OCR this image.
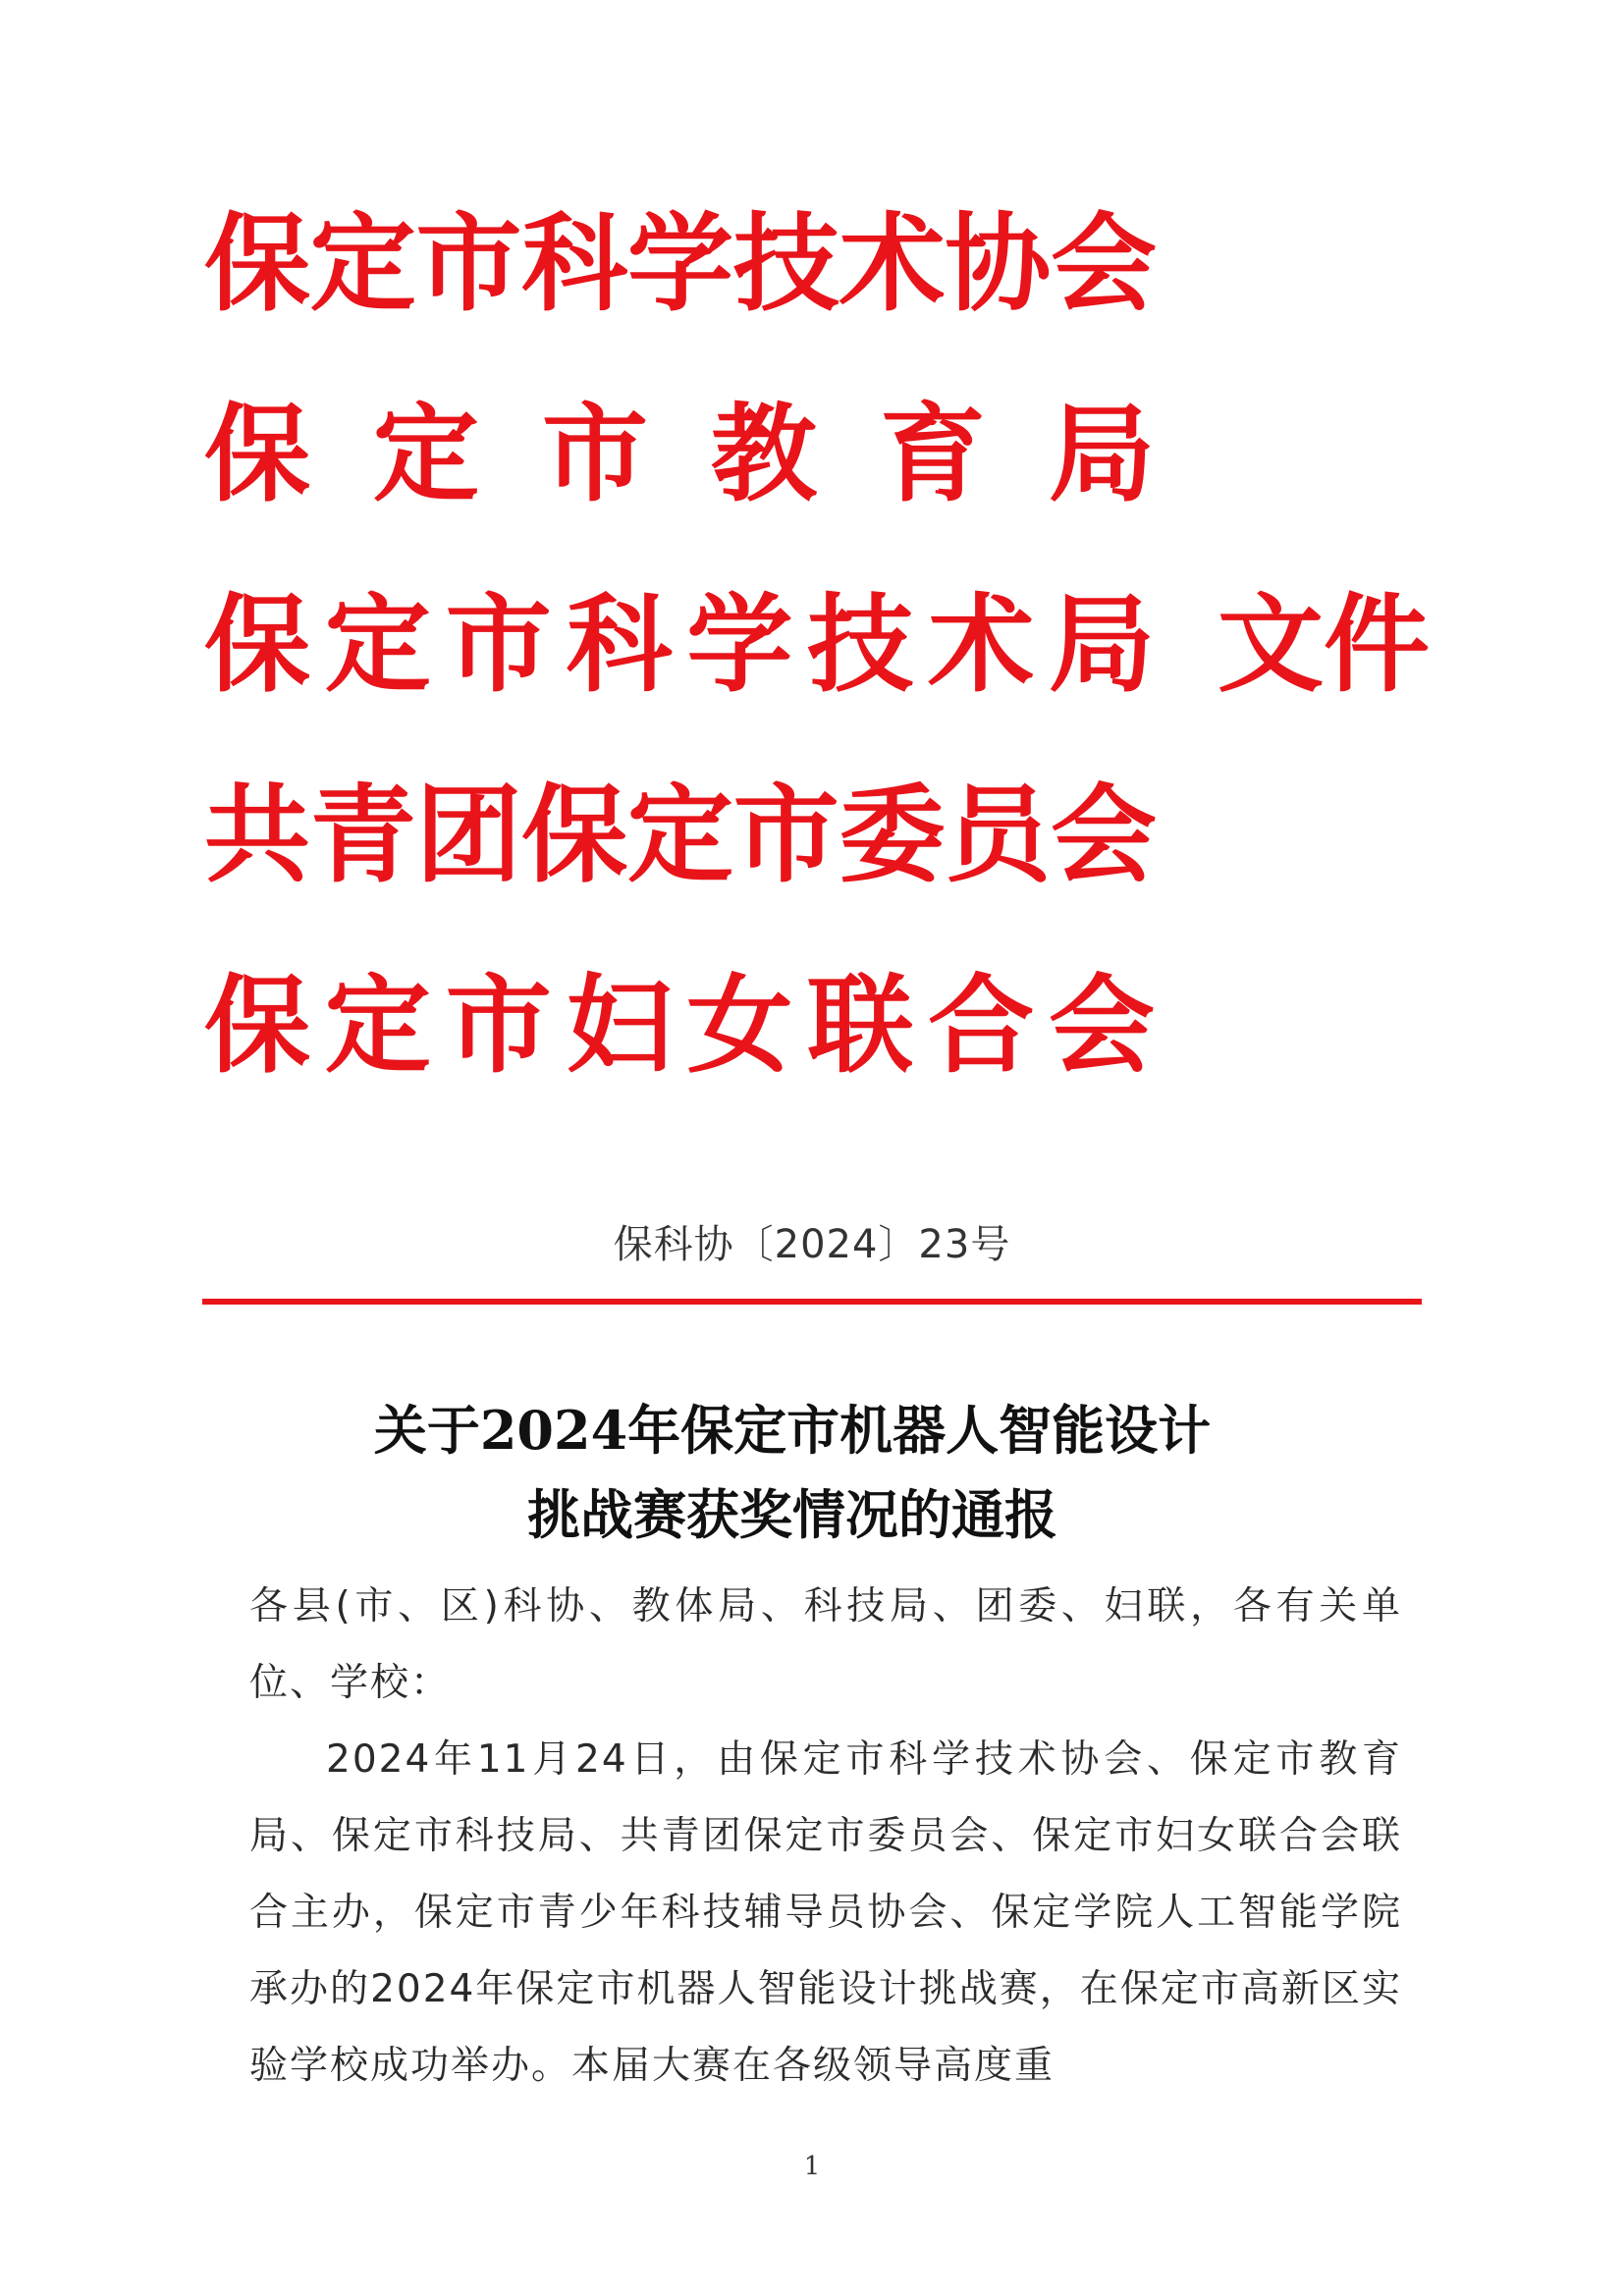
保定市科学技术协会
保 定 市 教 育 局
保定市科学技术局 文件
共青团保定市委员会
保定市妇女联合会
保科协〔2024〕23号
关于2024年保定市机器人智能设计
挑战赛获奖情况的通报

各县(市、区)科协、教体局、科技局、团委、妇联，各有关单位、学校：

2024年11月24日，由保定市科学技术协会、保定市教育局、保定市科技局、共青团保定市委员会、保定市妇女联合会联合主办，保定市青少年科技辅导员协会、保定学院人工智能学院承办的2024年保定市机器人智能设计挑战赛，在保定市高新区实验学校成功举办。本届大赛在各级领导高度重

1
